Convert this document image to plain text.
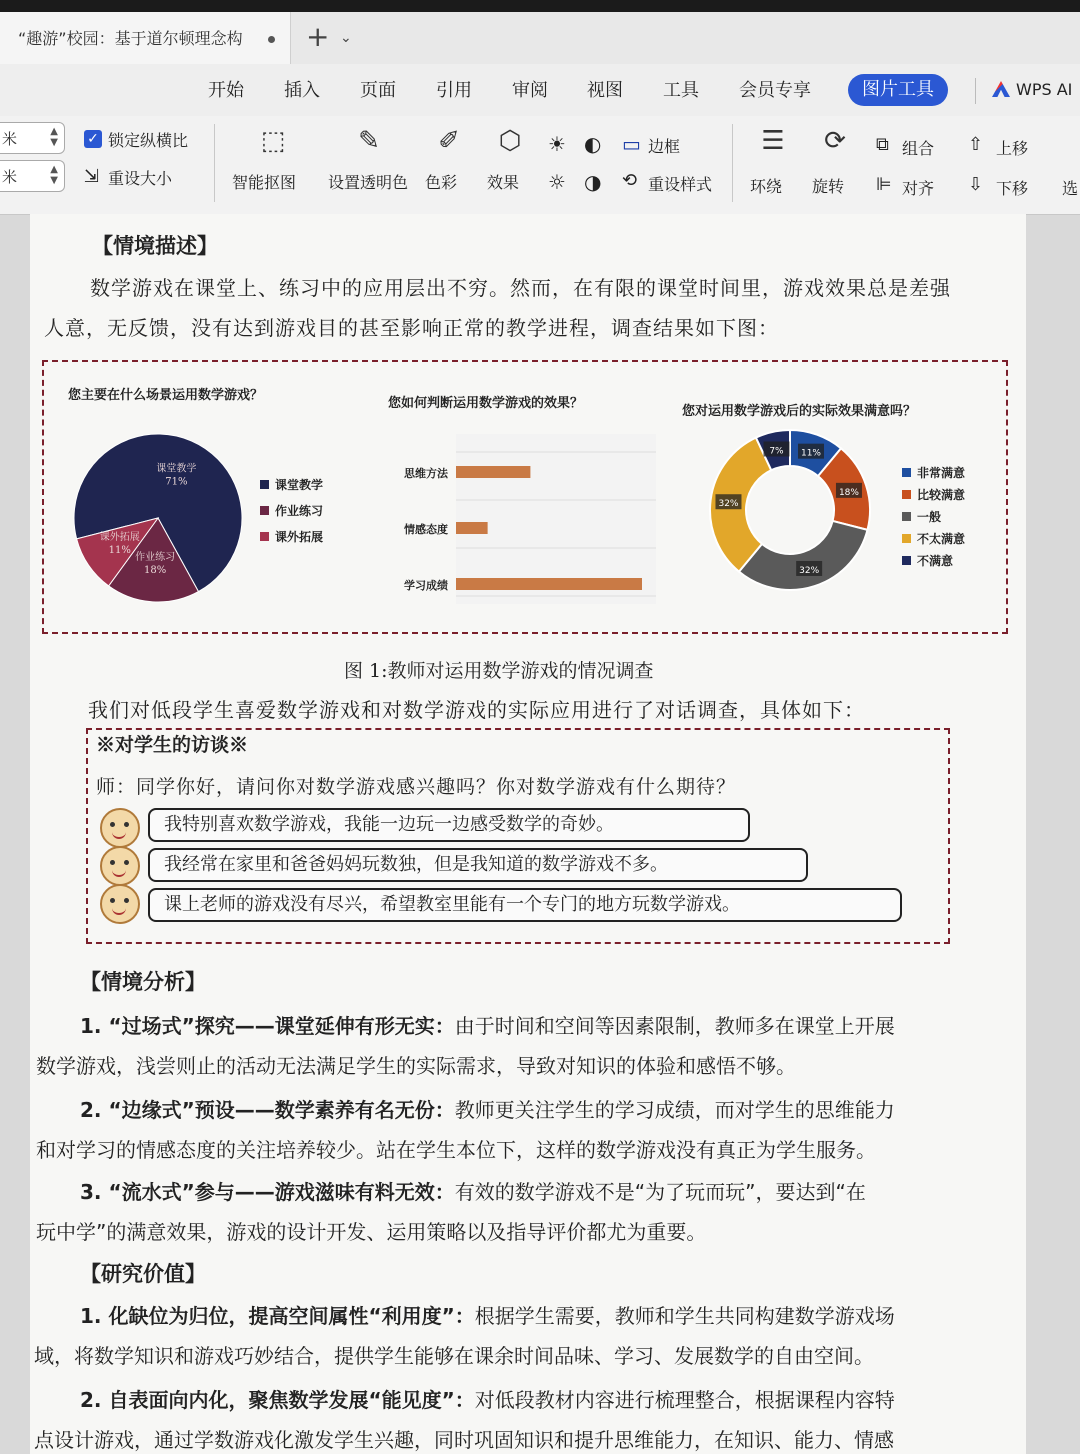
“趣游”校园：基于道尔顿理念构	+ ⌄
开始 插入 页面 引用 审阅 视图 工具 会员专享	图片工具	WPS AI
米	▲
▼
米	▲
▼
✓ 锁定纵横比
⇲ 重设大小
⬚
智能抠图
✎
设置透明色
✐
色彩
⬡
效果
☀ ◐
☼ ◑
▭ 边框
⟲ 重设样式
☰
环绕
⟳
旋转
⧉ 组合
⊫ 对齐
⇧ 上移
⇩ 下移 选
【情境描述】
数学游戏在课堂上、练习中的应用层出不穷。然而，在有限的课堂时间里，游戏效果总是差强
人意，无反馈，没有达到游戏目的甚至影响正常的教学进程，调查结果如下图：
您主要在什么场景运用数学游戏？
课堂教学
71%
作业练习
18%
课外拓展
11%
课堂教学
作业练习
课外拓展
您如何判断运用数学游戏的效果？
思维方法
情感态度
学习成绩
您对运用数学游戏后的实际效果满意吗？
11%
18%
32%
32%
7%
非常满意
比较满意
一般
不太满意
不满意
图 1:教师对运用数学游戏的情况调查
我们对低段学生喜爱数学游戏和对数学游戏的实际应用进行了对话调查，具体如下：
※对学生的访谈※
师：同学你好，请问你对数学游戏感兴趣吗？你对数学游戏有什么期待？
我特别喜欢数学游戏，我能一边玩一边感受数学的奇妙。
我经常在家里和爸爸妈妈玩数独，但是我知道的数学游戏不多。
课上老师的游戏没有尽兴，希望教室里能有一个专门的地方玩数学游戏。
【情境分析】
1. “过场式”探究——课堂延伸有形无实：由于时间和空间等因素限制，教师多在课堂上开展
数学游戏，浅尝则止的活动无法满足学生的实际需求，导致对知识的体验和感悟不够。
2. “边缘式”预设——数学素养有名无份：教师更关注学生的学习成绩，而对学生的思维能力
和对学习的情感态度的关注培养较少。站在学生本位下，这样的数学游戏没有真正为学生服务。
3. “流水式”参与——游戏滋味有料无效：有效的数学游戏不是“为了玩而玩”，要达到“在
玩中学”的满意效果，游戏的设计开发、运用策略以及指导评价都尤为重要。
【研究价值】
1. 化缺位为归位，提高空间属性“利用度”：根据学生需要，教师和学生共同构建数学游戏场
域，将数学知识和游戏巧妙结合，提供学生能够在课余时间品味、学习、发展数学的自由空间。
2. 自表面向内化，聚焦数学发展“能见度”：对低段教材内容进行梳理整合，根据课程内容特
点设计游戏，通过学数游戏化激发学生兴趣，同时巩固知识和提升思维能力，在知识、能力、情感
